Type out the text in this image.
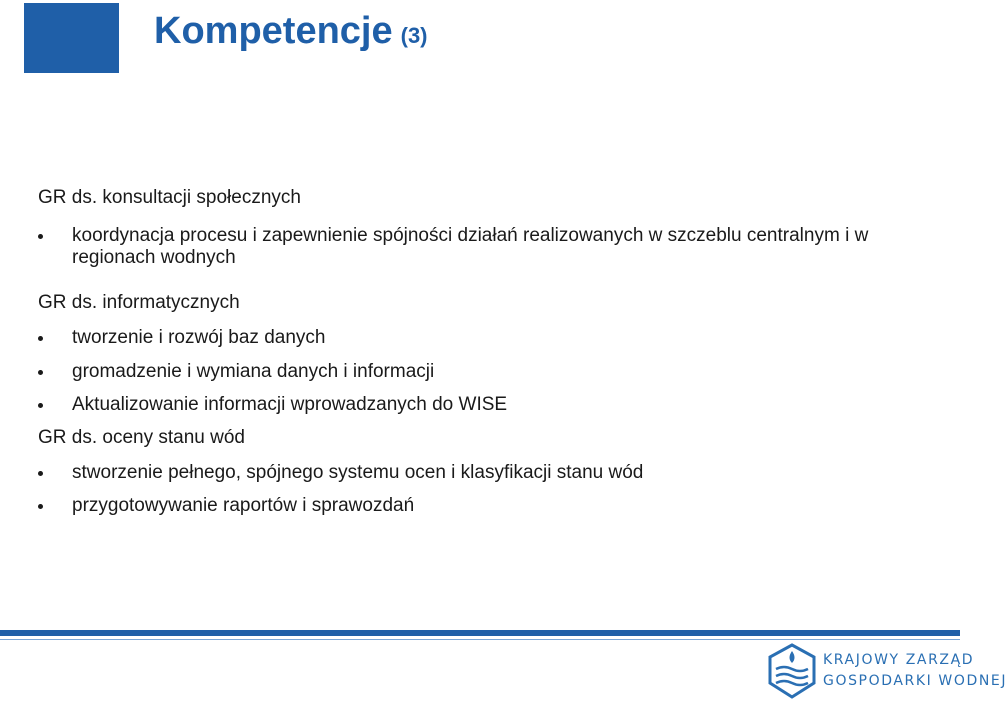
Kompetencje (3)
GR ds. konsultacji społecznych
koordynacja procesu i zapewnienie spójności działań realizowanych w szczeblu centralnym i w regionach wodnych
GR ds. informatycznych
tworzenie i rozwój baz danych
gromadzenie i wymiana danych i informacji
Aktualizowanie informacji wprowadzanych do WISE
GR ds. oceny stanu wód
stworzenie pełnego, spójnego systemu ocen i klasyfikacji stanu wód
przygotowywanie raportów i sprawozdań
KRAJOWY ZARZĄD
GOSPODARKI WODNEJ
